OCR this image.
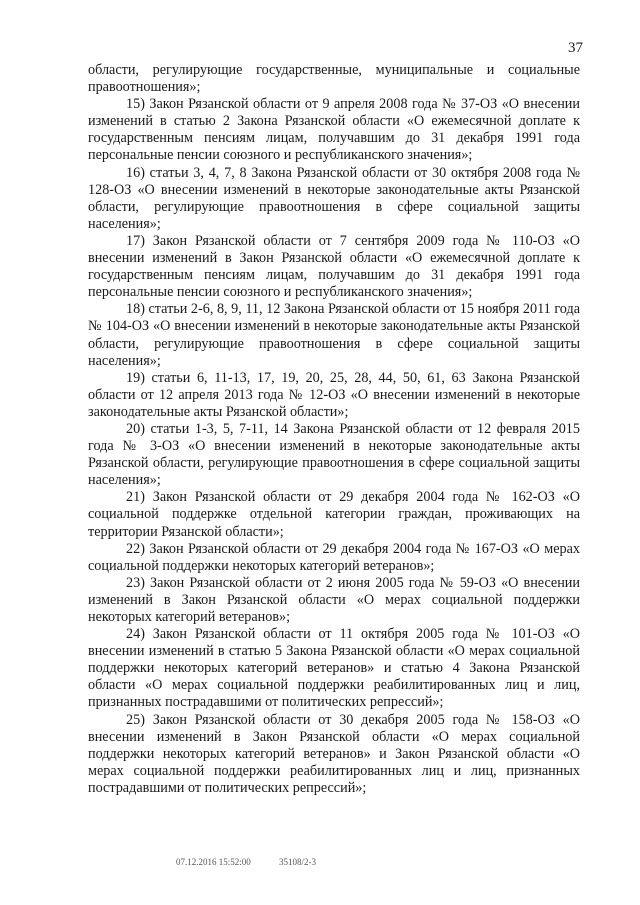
37

области, регулирующие государственные, муниципальные и социальные правоотношения»;

15) Закон Рязанской области от 9 апреля 2008 года № 37-ОЗ «О внесении изменений в статью 2 Закона Рязанской области «О ежемесячной доплате к государственным пенсиям лицам, получавшим до 31 декабря 1991 года персональные пенсии союзного и республиканского значения»;

16) статьи 3, 4, 7, 8 Закона Рязанской области от 30 октября 2008 года № 128-ОЗ «О внесении изменений в некоторые законодательные акты Рязанской области, регулирующие правоотношения в сфере социальной защиты населения»;

17) Закон Рязанской области от 7 сентября 2009 года № 110-ОЗ «О внесении изменений в Закон Рязанской области «О ежемесячной доплате к государственным пенсиям лицам, получавшим до 31 декабря 1991 года персональные пенсии союзного и республиканского значения»;

18) статьи 2-6, 8, 9, 11, 12 Закона Рязанской области от 15 ноября 2011 года № 104-ОЗ «О внесении изменений в некоторые законодательные акты Рязанской области, регулирующие правоотношения в сфере социальной защиты населения»;

19) статьи 6, 11-13, 17, 19, 20, 25, 28, 44, 50, 61, 63 Закона Рязанской области от 12 апреля 2013 года № 12-ОЗ «О внесении изменений в некоторые законодательные акты Рязанской области»;

20) статьи 1-3, 5, 7-11, 14 Закона Рязанской области от 12 февраля 2015 года № 3-ОЗ «О внесении изменений в некоторые законодательные акты Рязанской области, регулирующие правоотношения в сфере социальной защиты населения»;

21) Закон Рязанской области от 29 декабря 2004 года № 162-ОЗ «О социальной поддержке отдельной категории граждан, проживающих на территории Рязанской области»;

22) Закон Рязанской области от 29 декабря 2004 года № 167-ОЗ «О мерах социальной поддержки некоторых категорий ветеранов»;

23) Закон Рязанской области от 2 июня 2005 года № 59-ОЗ «О внесении изменений в Закон Рязанской области «О мерах социальной поддержки некоторых категорий ветеранов»;

24) Закон Рязанской области от 11 октября 2005 года № 101-ОЗ «О внесении изменений в статью 5 Закона Рязанской области «О мерах социальной поддержки некоторых категорий ветеранов» и статью 4 Закона Рязанской области «О мерах социальной поддержки реабилитированных лиц и лиц, признанных пострадавшими от политических репрессий»;

25) Закон Рязанской области от 30 декабря 2005 года № 158-ОЗ «О внесении изменений в Закон Рязанской области «О мерах социальной поддержки некоторых категорий ветеранов» и Закон Рязанской области «О мерах социальной поддержки реабилитированных лиц и лиц, признанных пострадавшими от политических репрессий»;

07.12.2016 15:52:00	35108/2-3
